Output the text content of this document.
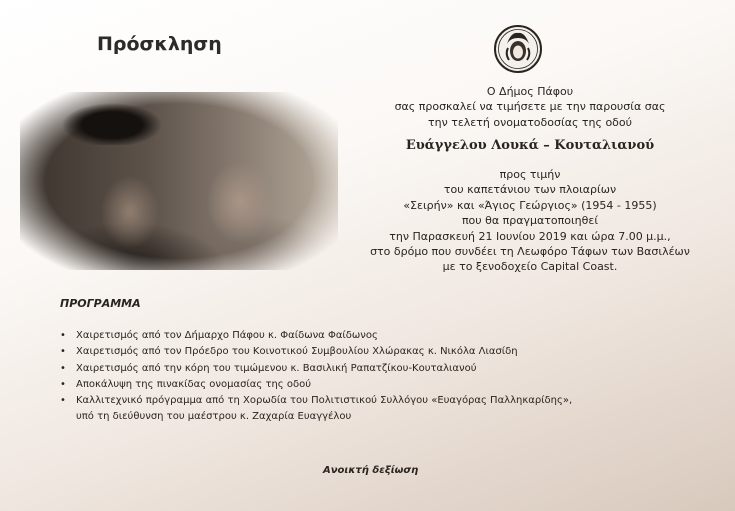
Πρόσκληση
Ο Δήμος Πάφου
σας προσκαλεί να τιμήσετε με την παρουσία σας
την τελετή ονοματοδοσίας της οδού
Ευάγγελου Λουκά – Κουταλιανού
προς τιμήν
του καπετάνιου των πλοιαρίων
«Σειρήν» και «Άγιος Γεώργιος» (1954 - 1955)
που θα πραγματοποιηθεί
την Παρασκευή 21 Ιουνίου 2019 και ώρα 7.00 μ.μ.,
στο δρόμο που συνδέει τη Λεωφόρο Τάφων των Βασιλέων
με το ξενοδοχείο Capital Coast.
ΠΡΟΓΡΑΜΜΑ
• Χαιρετισμός από τον Δήμαρχο Πάφου κ. Φαίδωνα Φαίδωνος
• Χαιρετισμός από τον Πρόεδρο του Κοινοτικού Συμβουλίου Χλώρακας κ. Νικόλα Λιασίδη
• Χαιρετισμός από την κόρη του τιμώμενου κ. Βασιλική Ραπατζίκου-Κουταλιανού
• Αποκάλυψη της πινακίδας ονομασίας της οδού
• Καλλιτεχνικό πρόγραμμα από τη Χορωδία του Πολιτιστικού Συλλόγου «Ευαγόρας Παλληκαρίδης»,
υπό τη διεύθυνση του μαέστρου κ. Ζαχαρία Ευαγγέλου
Ανοικτή δεξίωση
